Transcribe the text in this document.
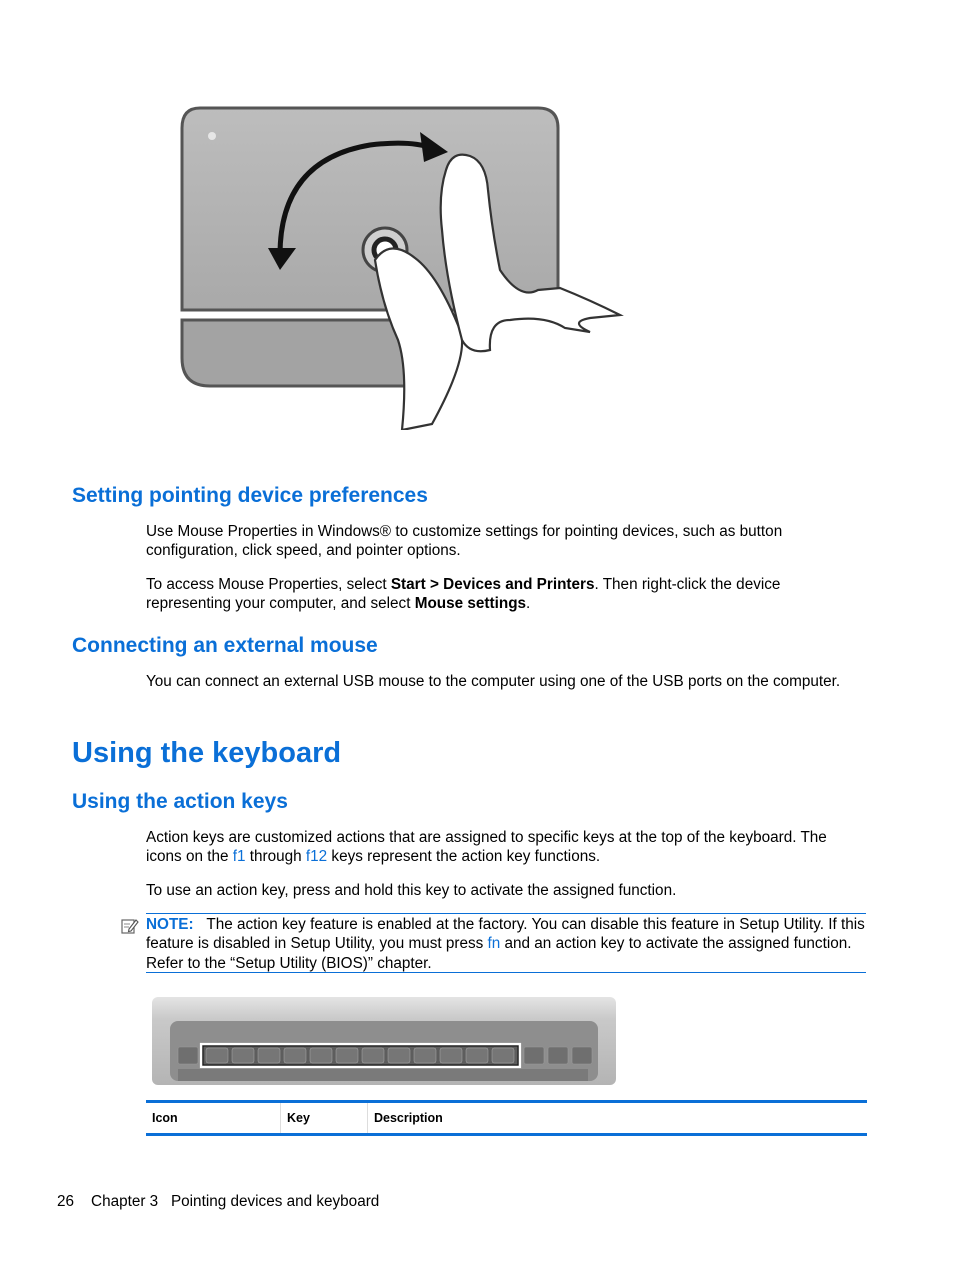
Setting pointing device preferences

Use Mouse Properties in Windows® to customize settings for pointing devices, such as button configuration, click speed, and pointer options.

To access Mouse Properties, select Start > Devices and Printers. Then right-click the device representing your computer, and select Mouse settings.

Connecting an external mouse

You can connect an external USB mouse to the computer using one of the USB ports on the computer.

Using the keyboard
Using the action keys

Action keys are customized actions that are assigned to specific keys at the top of the keyboard. The icons on the f1 through f12 keys represent the action key functions.

To use an action key, press and hold this key to activate the assigned function.

NOTE: The action key feature is enabled at the factory. You can disable this feature in Setup Utility. If this feature is disabled in Setup Utility, you must press fn and an action key to activate the assigned function. Refer to the “Setup Utility (BIOS)” chapter.

Icon	Key	Description
26 Chapter 3 Pointing devices and keyboard
